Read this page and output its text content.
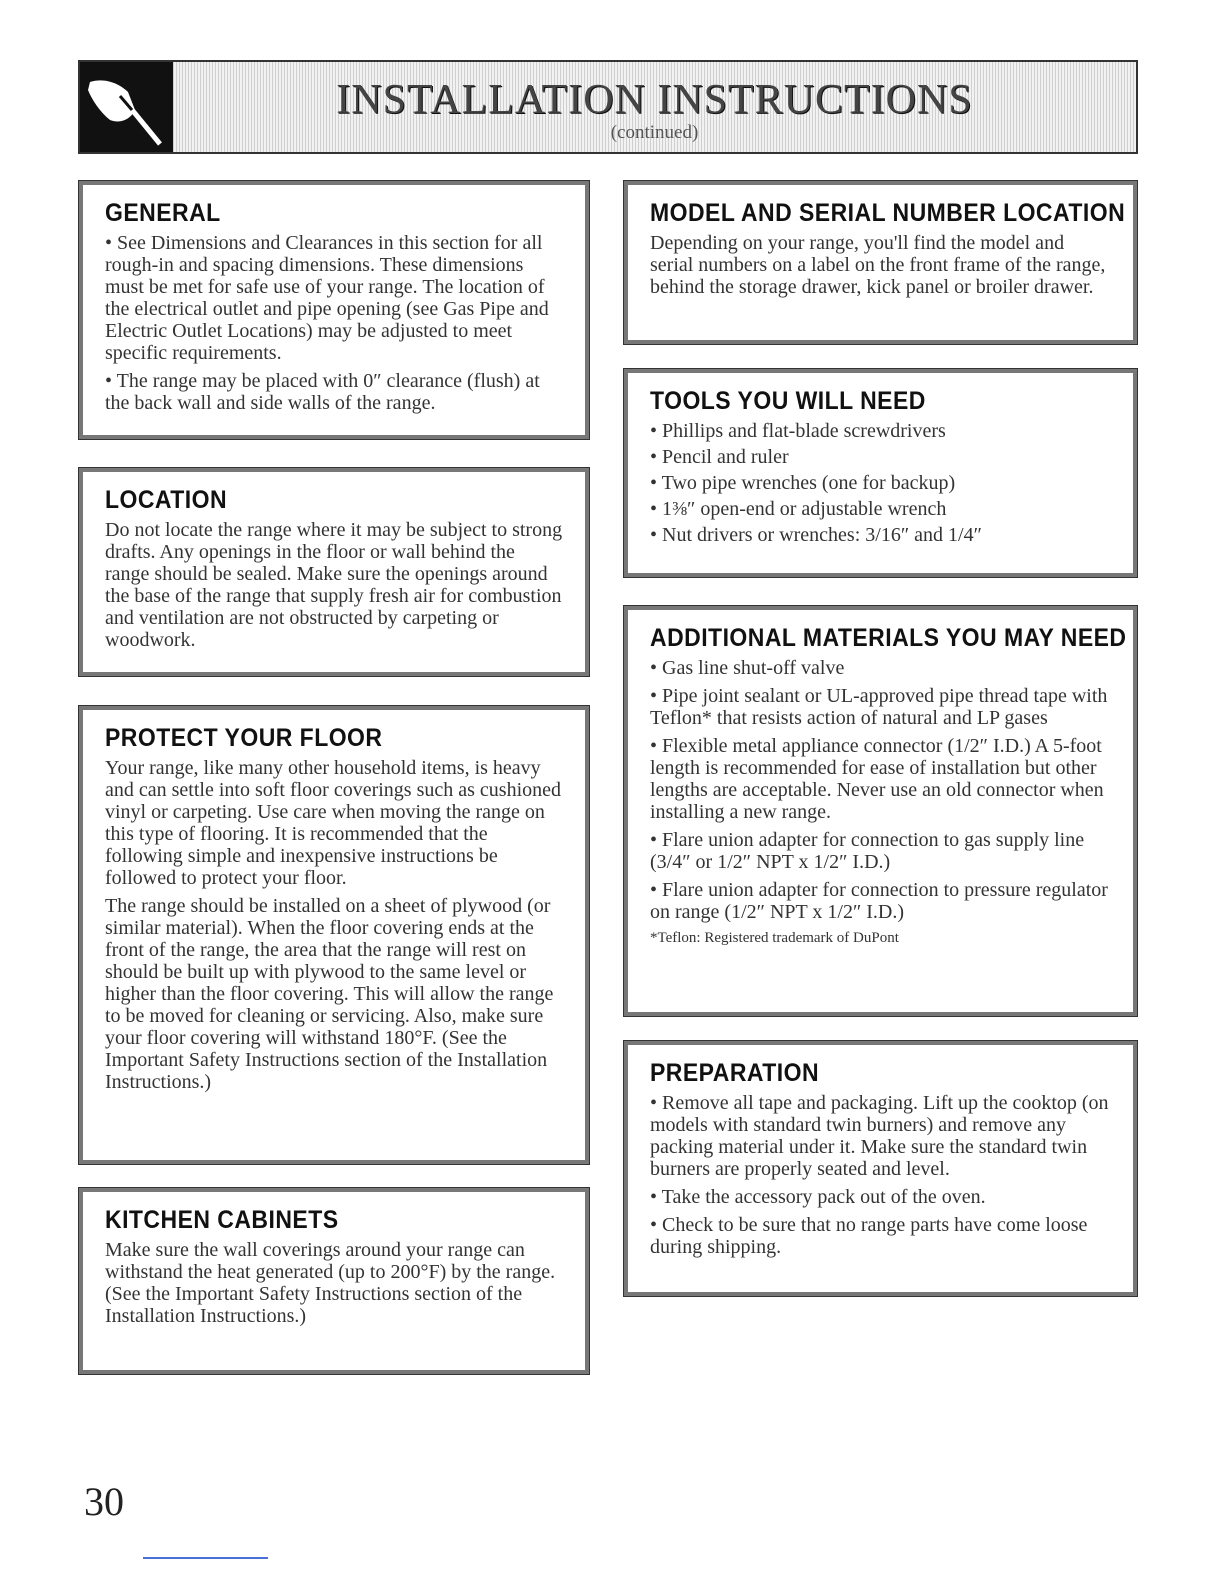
INSTALLATION INSTRUCTIONS
(continued)
GENERAL

• See Dimensions and Clearances in this section for all rough-in and spacing dimensions. These dimensions must be met for safe use of your range. The location of the electrical outlet and pipe opening (see Gas Pipe and Electric Outlet Locations) may be adjusted to meet specific requirements.

• The range may be placed with 0″ clearance (flush) at the back wall and side walls of the range.

LOCATION

Do not locate the range where it may be subject to strong drafts. Any openings in the floor or wall behind the range should be sealed. Make sure the openings around the base of the range that supply fresh air for combustion and ventilation are not obstructed by carpeting or woodwork.

PROTECT YOUR FLOOR

Your range, like many other household items, is heavy and can settle into soft floor coverings such as cushioned vinyl or carpeting. Use care when moving the range on this type of flooring. It is recommended that the following simple and inexpensive instructions be followed to protect your floor.

The range should be installed on a sheet of plywood (or similar material). When the floor covering ends at the front of the range, the area that the range will rest on should be built up with plywood to the same level or higher than the floor covering. This will allow the range to be moved for cleaning or servicing. Also, make sure your floor covering will withstand 180°F. (See the Important Safety Instructions section of the Installation Instructions.)

KITCHEN CABINETS

Make sure the wall coverings around your range can withstand the heat generated (up to 200°F) by the range. (See the Important Safety Instructions section of the Installation Instructions.)

MODEL AND SERIAL NUMBER LOCATION

Depending on your range, you'll find the model and serial numbers on a label on the front frame of the range, behind the storage drawer, kick panel or broiler drawer.

TOOLS YOU WILL NEED

• Phillips and flat-blade screwdrivers

• Pencil and ruler

• Two pipe wrenches (one for backup)

• 1⅜″ open-end or adjustable wrench

• Nut drivers or wrenches: 3/16″ and 1/4″

ADDITIONAL MATERIALS YOU MAY NEED

• Gas line shut-off valve

• Pipe joint sealant or UL-approved pipe thread tape with Teflon* that resists action of natural and LP gases

• Flexible metal appliance connector (1/2″ I.D.) A 5-foot length is recommended for ease of installation but other lengths are acceptable. Never use an old connector when installing a new range.

• Flare union adapter for connection to gas supply line (3/4″ or 1/2″ NPT x 1/2″ I.D.)

• Flare union adapter for connection to pressure regulator on range (1/2″ NPT x 1/2″ I.D.)

*Teflon: Registered trademark of DuPont

PREPARATION

• Remove all tape and packaging. Lift up the cooktop (on models with standard twin burners) and remove any packing material under it. Make sure the standard twin burners are properly seated and level.

• Take the accessory pack out of the oven.

• Check to be sure that no range parts have come loose during shipping.

30
